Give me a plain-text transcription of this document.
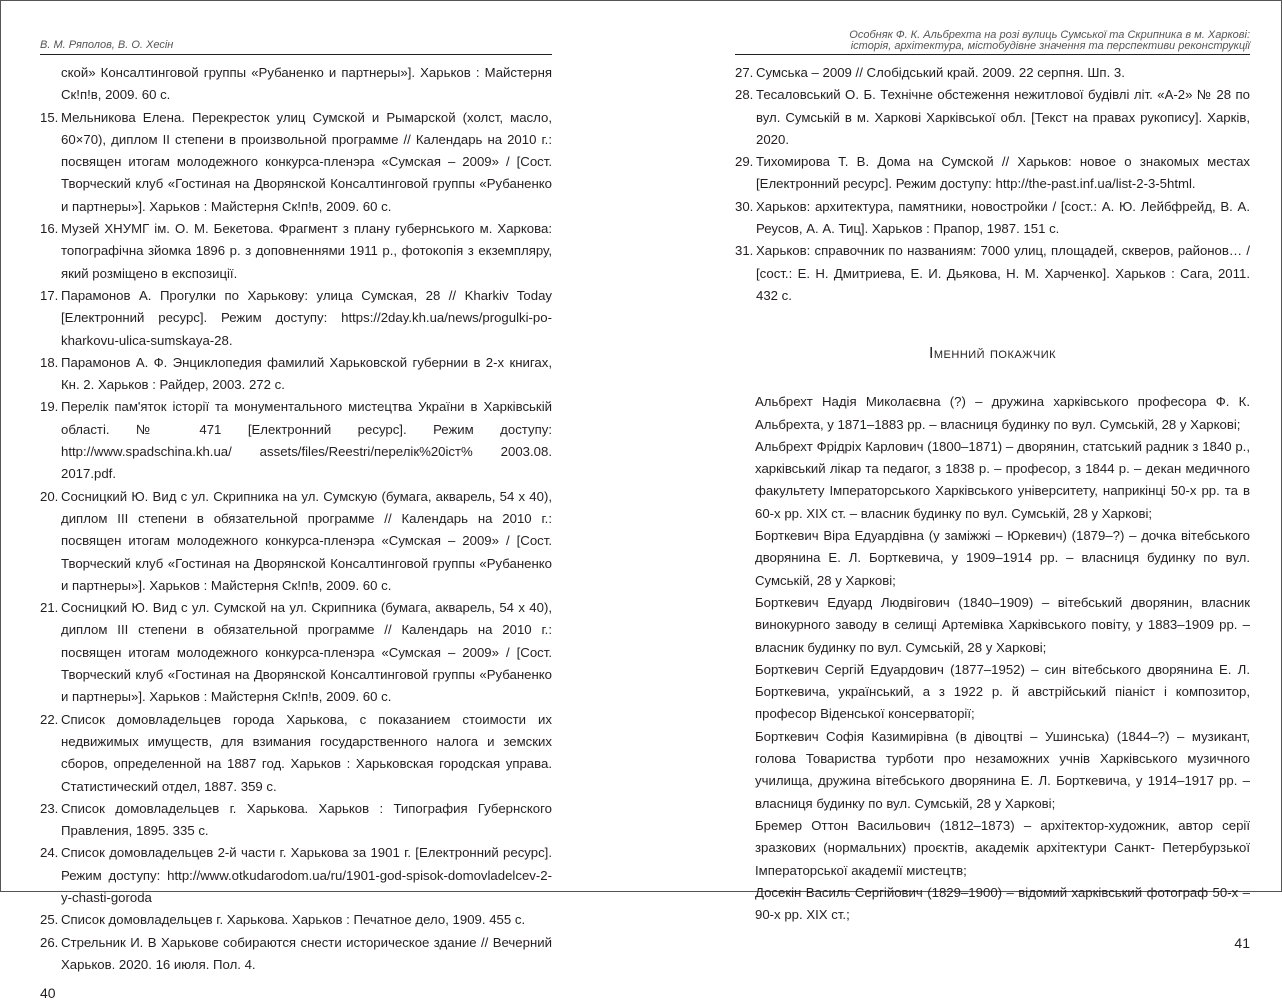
В. М. Ряполов, В. О. Хесін
Особняк Ф. К. Альбрехта на розі вулиць Сумської та Скрипника в м. Харкові:
історія, архітектура, містобудівне значення та перспективи реконструкції

ской» Консалтинговой группы «Рубаненко и партнеры»]. Харьков : Майстерня Ск!п!в, 2009. 60 с.

15. Мельникова Елена. Перекресток улиц Сумской и Рымарской (холст, масло, 60×70), диплом II степени в произвольной программе // Календарь на 2010 г.: посвящен итогам молодежного конкурса-пленэра «Сумская – 2009» / [Сост. Творческий клуб «Гостиная на Дворянской Консалтинговой группы «Рубаненко и партнеры»]. Харьков : Майстерня Ск!п!в, 2009. 60 с.

16. Музей ХНУМГ ім. О. М. Бекетова. Фрагмент з плану губернського м. Харкова: топографічна зйомка 1896 р. з доповненнями 1911 р., фотокопія з екземпляру, який розміщено в експозиції.

17. Парамонов А. Прогулки по Харькову: улица Сумская, 28 // Kharkiv Today [Електронний ресурс]. Режим доступу: https://2day.kh.ua/news/progulki-po-kharkovu-ulica-sumskaya-28.

18. Парамонов А. Ф. Энциклопедия фамилий Харьковской губернии в 2-х книгах, Кн. 2. Харьков : Райдер, 2003. 272 с.

19. Перелік пам'яток історії та монументального мистецтва України в Харківській області. № 471 [Електронний ресурс]. Режим доступу: http://www.spadschina.kh.ua/ assets/files/Reestri/перелік%20іст% 2003.08. 2017.pdf.

20. Сосницкий Ю. Вид с ул. Скрипника на ул. Сумскую (бумага, акварель, 54 х 40), диплом III степени в обязательной программе // Календарь на 2010 г.: посвящен итогам молодежного конкурса-пленэра «Сумская – 2009» / [Сост. Творческий клуб «Гостиная на Дворянской Консалтинговой группы «Рубаненко и партнеры»]. Харьков : Майстерня Ск!п!в, 2009. 60 с.

21. Сосницкий Ю. Вид с ул. Сумской на ул. Скрипника (бумага, акварель, 54 х 40), диплом III степени в обязательной программе // Календарь на 2010 г.: посвящен итогам молодежного конкурса-пленэра «Сумская – 2009» / [Сост. Творческий клуб «Гостиная на Дворянской Консалтинговой группы «Рубаненко и партнеры»]. Харьков : Майстерня Ск!п!в, 2009. 60 с.

22. Список домовладельцев города Харькова, с показанием стоимости их недвижимых имуществ, для взимания государственного налога и земских сборов, определенной на 1887 год. Харьков : Харьковская городская управа. Статистический отдел, 1887. 359 с.

23. Список домовладельцев г. Харькова. Харьков : Типография Губернского Правления, 1895. 335 с.

24. Список домовладельцев 2-й части г. Харькова за 1901 г. [Електронний ресурс]. Режим доступу: http://www.otkudarodom.ua/ru/1901-god-spisok-domovladelcev-2-y-chasti-goroda

25. Список домовладельцев г. Харькова. Харьков : Печатное дело, 1909. 455 с.

26. Стрельник И. В Харькове собираются снести историческое здание // Вечерний Харьков. 2020. 16 июля. Пол. 4.

40

27. Сумська – 2009 // Слобідський край. 2009. 22 серпня. Шп. 3.

28. Тесаловський О. Б. Технічне обстеження нежитлової будівлі літ. «А-2» № 28 по вул. Сумській в м. Харкові Харківської обл. [Текст на правах рукопису]. Харків, 2020.

29. Тихомирова Т. В. Дома на Сумской // Харьков: новое о знакомых местах [Електронний ресурс]. Режим доступу: http://the-past.inf.ua/list-2-3-5html.

30. Харьков: архитектура, памятники, новостройки / [сост.: А. Ю. Лейбфрейд, В. А. Реусов, А. А. Тиц]. Харьков : Прапор, 1987. 151 с.

31. Харьков: справочник по названиям: 7000 улиц, площадей, скверов, районов… / [сост.: Е. Н. Дмитриева, Е. И. Дьякова, Н. М. Харченко]. Харьков : Сага, 2011. 432 с.

Іменний покажчик

Альбрехт Надія Миколаєвна (?) – дружина харківського професора Ф. К. Альбрехта, у 1871–1883 рр. – власниця будинку по вул. Сумській, 28 у Харкові;

Альбрехт Фрідріх Карлович (1800–1871) – дворянин, статський радник з 1840 р., харківський лікар та педагог, з 1838 р. – професор, з 1844 р. – декан медичного факультету Імператорського Харківського університету, наприкінці 50-х рр. та в 60-х рр. XIX ст. – власник будинку по вул. Сумській, 28 у Харкові;

Борткевич Віра Едуардівна (у заміжжі – Юркевич) (1879–?) – дочка вітебського дворянина Е. Л. Борткевича, у 1909–1914 рр. – власниця будинку по вул. Сумській, 28 у Харкові;

Борткевич Едуард Людвігович (1840–1909) – вітебський дворянин, власник винокурного заводу в селищі Артемівка Харківського повіту, у 1883–1909 рр. – власник будинку по вул. Сумській, 28 у Харкові;

Борткевич Сергій Едуардович (1877–1952) – син вітебського дворянина Е. Л. Борткевича, український, а з 1922 р. й австрійський піаніст і композитор, професор Віденської консерваторії;

Борткевич Софія Казимирівна (в дівоцтві – Ушинська) (1844–?) – музикант, голова Товариства турботи про незаможних учнів Харківського музичного училища, дружина вітебського дворянина Е. Л. Борткевича, у 1914–1917 рр. – власниця будинку по вул. Сумській, 28 у Харкові;

Бремер Оттон Васильович (1812–1873) – архітектор-художник, автор серії зразкових (нормальних) проєктів, академік архітектури Санкт- Петербурзької Імператорської академії мистецтв;

Досекін Василь Сергійович (1829–1900) – відомий харківський фотограф 50-х – 90-х рр. XIX ст.;

41
